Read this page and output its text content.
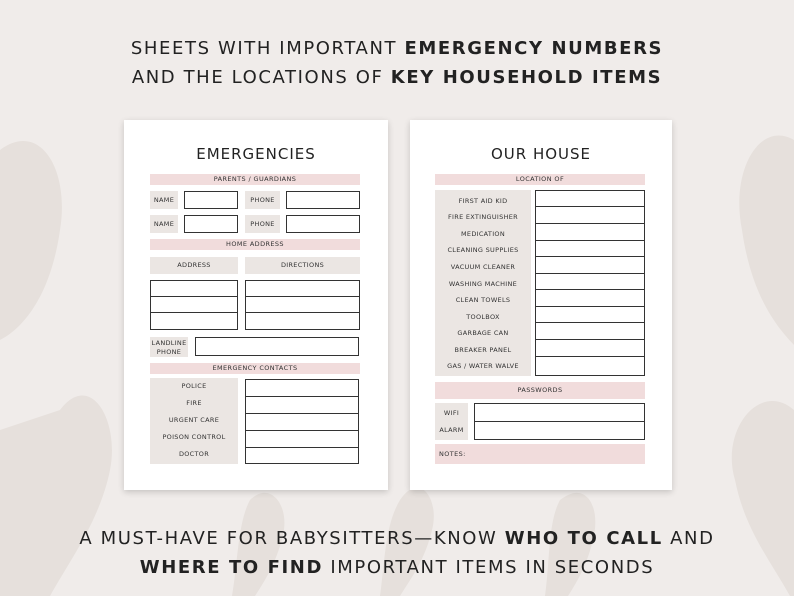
SHEETS WITH IMPORTANT EMERGENCY NUMBERS
AND THE LOCATIONS OF KEY HOUSEHOLD ITEMS
EMERGENCIES
PARENTS / GUARDIANS
NAME	PHONE
NAME	PHONE
HOME ADDRESS
ADDRESS	DIRECTIONS
LANDLINE
PHONE
EMERGENCY CONTACTS
POLICE
FIRE
URGENT CARE
POISON CONTROL
DOCTOR
OUR HOUSE
LOCATION OF
FIRST AID KID
FIRE EXTINGUISHER
MEDICATION
CLEANING SUPPLIES
VACUUM CLEANER
WASHING MACHINE
CLEAN TOWELS
TOOLBOX
GARBAGE CAN
BREAKER PANEL
GAS / WATER WALVE
PASSWORDS
WIFI
ALARM
NOTES:
A MUST-HAVE FOR BABYSITTERS—KNOW WHO TO CALL AND
WHERE TO FIND IMPORTANT ITEMS IN SECONDS
